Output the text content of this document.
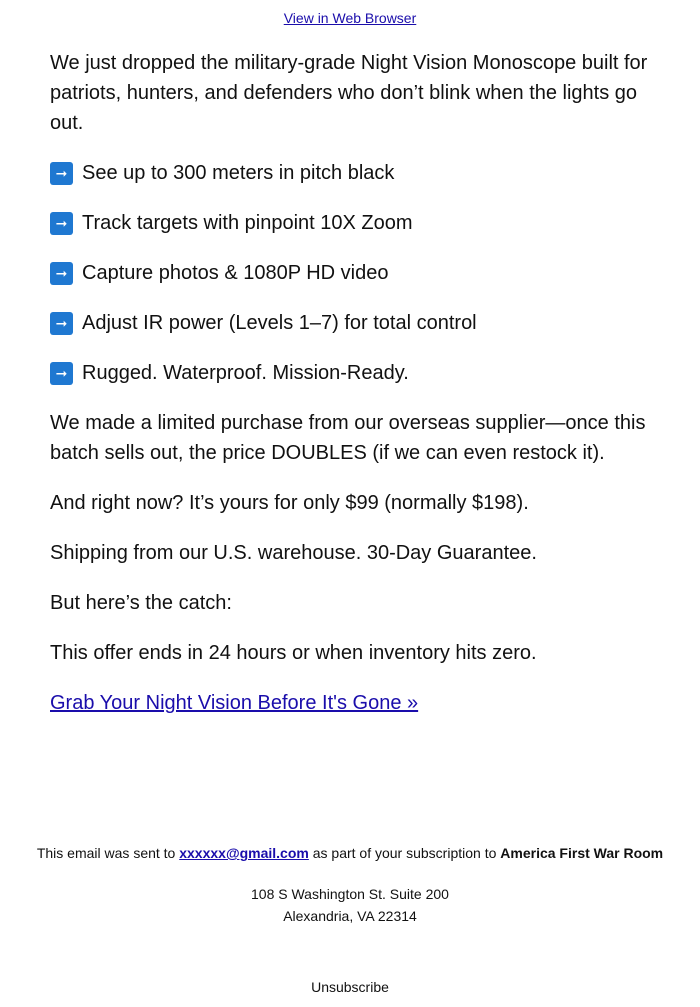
View in Web Browser

We just dropped the military-grade Night Vision Monoscope built for patriots, hunters, and defenders who don’t blink when the lights go out.

➞ See up to 300 meters in pitch black

➞ Track targets with pinpoint 10X Zoom

➞ Capture photos & 1080P HD video

➞ Adjust IR power (Levels 1–7) for total control

➞ Rugged. Waterproof. Mission-Ready.

We made a limited purchase from our overseas supplier—once this batch sells out, the price DOUBLES (if we can even restock it).

And right now? It’s yours for only $99 (normally $198).

Shipping from our U.S. warehouse. 30-Day Guarantee.

But here’s the catch:

This offer ends in 24 hours or when inventory hits zero.

Grab Your Night Vision Before It's Gone »

This email was sent to xxxxxx@gmail.com as part of your subscription to America First War Room
108 S Washington St. Suite 200
Alexandria, VA 22314
Unsubscribe
